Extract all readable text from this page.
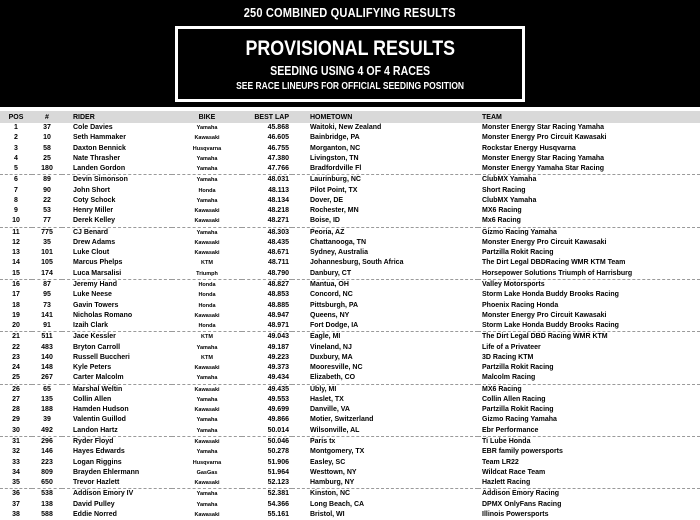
250 COMBINED QUALIFYING RESULTS
PROVISIONAL RESULTS
SEEDING USING 4 OF 4 RACES
SEE RACE LINEUPS FOR OFFICIAL SEEDING POSITION
POS	#	RIDER	BIKE	BEST LAP	HOMETOWN	TEAM
1	37	Cole Davies	Yamaha	45.868	Waitoki, New Zealand	Monster Energy Star Racing Yamaha
2	10	Seth Hammaker	Kawasaki	46.605	Bainbridge, PA	Monster Energy Pro Circuit Kawasaki
3	58	Daxton Bennick	Husqvarna	46.755	Morganton, NC	Rockstar Energy Husqvarna
4	25	Nate Thrasher	Yamaha	47.380	Livingston, TN	Monster Energy Star Racing Yamaha
5	180	Landen Gordon	Yamaha	47.766	Bradfordville Fl	Monster Energy Yamaha Star Racing
6	89	Devin Simonson	Yamaha	48.031	Laurinburg, NC	ClubMX Yamaha
7	90	John Short	Honda	48.113	Pilot Point, TX	Short Racing
8	22	Coty Schock	Yamaha	48.134	Dover, DE	ClubMX Yamaha
9	53	Henry Miller	Kawasaki	48.218	Rochester, MN	MX6 Racing
10	77	Derek Kelley	Kawasaki	48.271	Boise, ID	Mx6 Racing
11	775	CJ Benard	Yamaha	48.303	Peoria, AZ	Gizmo Racing Yamaha
12	35	Drew Adams	Kawasaki	48.435	Chattanooga, TN	Monster Energy Pro Circuit Kawasaki
13	101	Luke Clout	Kawasaki	48.671	Sydney, Australia	Partzilla Rokit Racing
14	105	Marcus Phelps	KTM	48.711	Johannesburg, South Africa	The Dirt Legal DBDRacing WMR KTM Team
15	174	Luca Marsalisi	Triumph	48.790	Danbury, CT	Horsepower Solutions Triumph of Harrisburg
16	87	Jeremy Hand	Honda	48.827	Mantua, OH	Valley Motorsports
17	95	Luke Neese	Honda	48.853	Concord, NC	Storm Lake Honda Buddy Brooks Racing
18	73	Gavin Towers	Honda	48.885	Pittsburgh, PA	Phoenix Racing Honda
19	141	Nicholas Romano	Kawasaki	48.947	Queens, NY	Monster Energy Pro Circuit Kawasaki
20	91	Izaih Clark	Honda	48.971	Fort Dodge, IA	Storm Lake Honda Buddy Brooks Racing
21	511	Jace Kessler	KTM	49.043	Eagle, MI	The Dirt Legal DBD Racing WMR KTM
22	483	Bryton Carroll	Yamaha	49.187	Vineland, NJ	Life of a Privateer
23	140	Russell Buccheri	KTM	49.223	Duxbury, MA	3D Racing KTM
24	148	Kyle Peters	Kawasaki	49.373	Mooresville, NC	Partzilla Rokit Racing
25	267	Carter Malcolm	Yamaha	49.434	Elizabeth, CO	Malcolm Racing
26	65	Marshal Weltin	Kawasaki	49.435	Ubly, MI	MX6 Racing
27	135	Collin Allen	Yamaha	49.553	Haslet, TX	Collin Allen Racing
28	188	Hamden Hudson	Kawasaki	49.699	Danville, VA	Partzilla Rokit Racing
29	39	Valentin Guillod	Yamaha	49.866	Motier, Switzerland	Gizmo Racing Yamaha
30	492	Landon Hartz	Yamaha	50.014	Wilsonville, AL	Ebr Performance
31	296	Ryder Floyd	Kawasaki	50.046	Paris tx	Ti Lube Honda
32	146	Hayes Edwards	Yamaha	50.278	Montgomery, TX	EBR family powersports
33	223	Logan Riggins	Husqvarna	51.906	Easley, SC	Team LR22
34	809	Brayden Ehlermann	GasGas	51.964	Westtown, NY	Wildcat Race Team
35	650	Trevor Hazlett	Kawasaki	52.123	Hamburg, NY	Hazlett Racing
36	538	Addison Emory IV	Yamaha	52.381	Kinston, NC	Addison Emory Racing
37	138	David Pulley	Yamaha	54.366	Long Beach, CA	DPMX OnlyFans Racing
38	588	Eddie Norred	Kawasaki	55.161	Bristol, WI	Illinois Powersports
